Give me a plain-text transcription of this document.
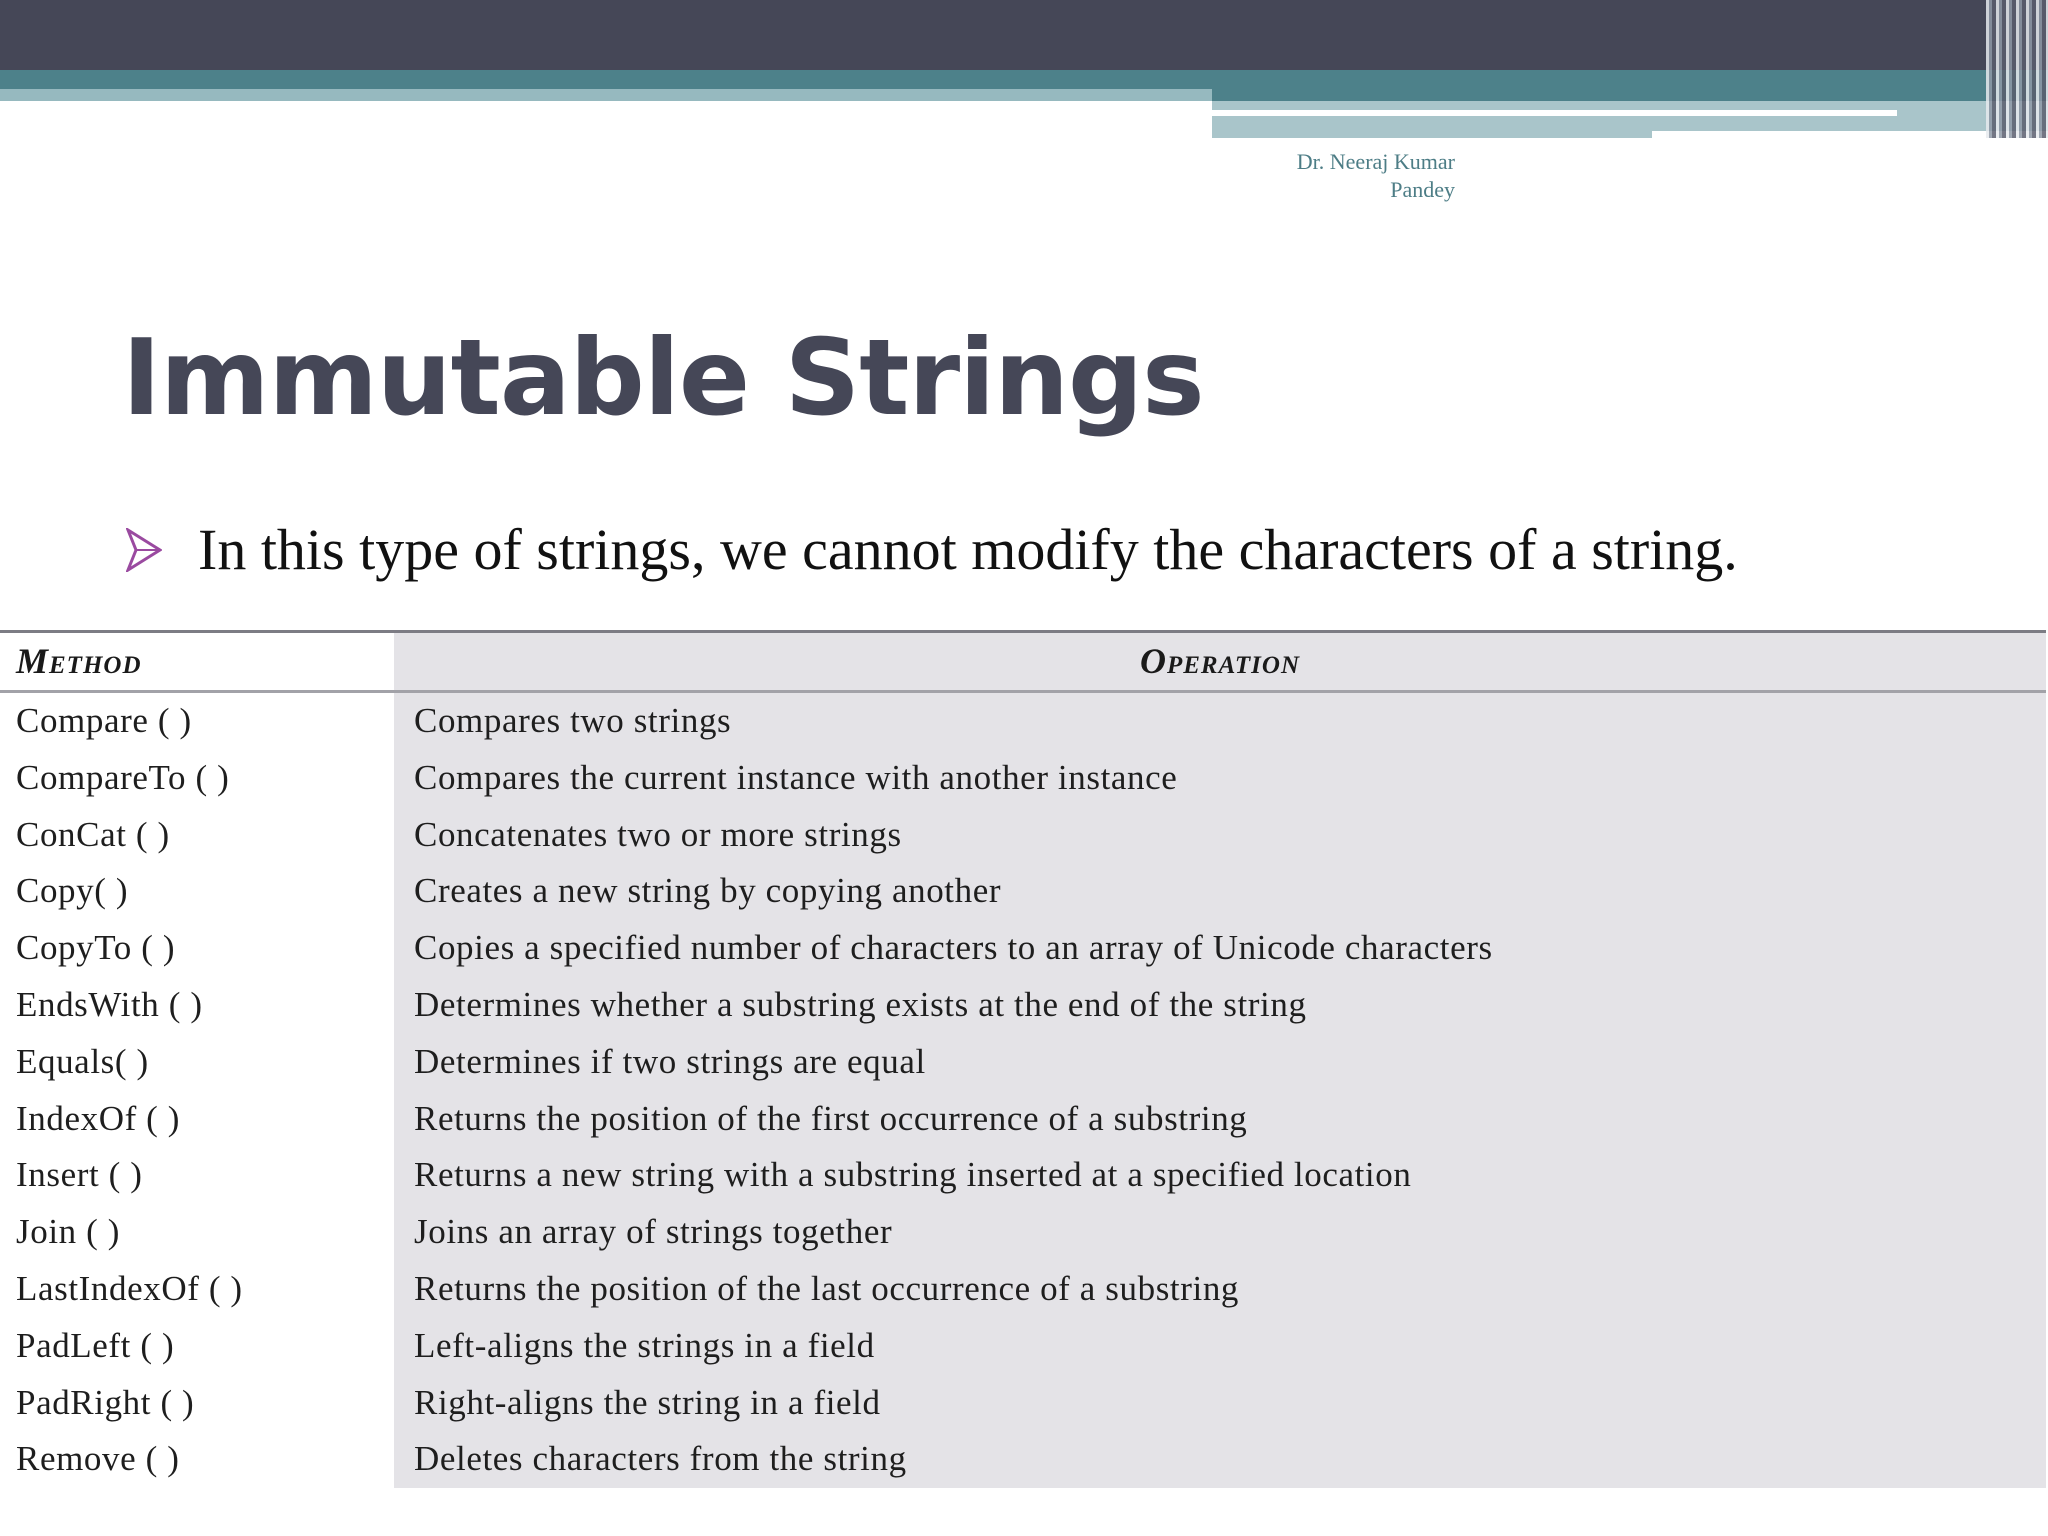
Dr. Neeraj Kumar
Pandey
Immutable Strings
In this type of strings, we cannot modify the characters of a string.
Method	Operation
Compare ( )	Compares two strings
CompareTo ( )	Compares the current instance with another instance
ConCat ( )	Concatenates two or more strings
Copy( )	Creates a new string by copying another
CopyTo ( )	Copies a specified number of characters to an array of Unicode characters
EndsWith ( )	Determines whether a substring exists at the end of the string
Equals( )	Determines if two strings are equal
IndexOf ( )	Returns the position of the first occurrence of a substring
Insert ( )	Returns a new string with a substring inserted at a specified location
Join ( )	Joins an array of strings together
LastIndexOf ( )	Returns the position of the last occurrence of a substring
PadLeft ( )	Left-aligns the strings in a field
PadRight ( )	Right-aligns the string in a field
Remove ( )	Deletes characters from the string
